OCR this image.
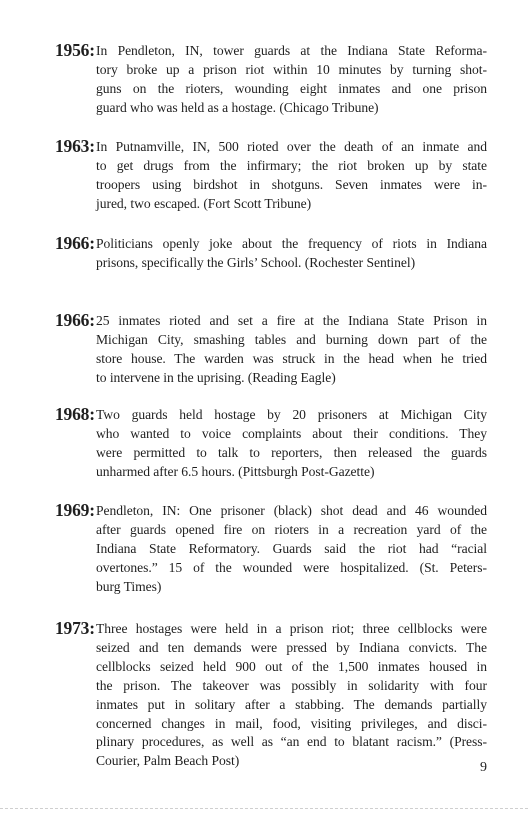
1956: In Pendleton, IN, tower guards at the Indiana State Reforma-
tory broke up a prison riot within 10 minutes by turning shot-
guns on the rioters, wounding eight inmates and one prison
guard who was held as a hostage. (Chicago Tribune)
1963: In Putnamville, IN, 500 rioted over the death of an inmate and
to get drugs from the infirmary; the riot broken up by state
troopers using birdshot in shotguns. Seven inmates were in-
jured, two escaped. (Fort Scott Tribune)
1966: Politicians openly joke about the frequency of riots in Indiana
prisons, specifically the Girls’ School. (Rochester Sentinel)
1966: 25 inmates rioted and set a fire at the Indiana State Prison in
Michigan City, smashing tables and burning down part of the
store house. The warden was struck in the head when he tried
to intervene in the uprising. (Reading Eagle)
1968: Two guards held hostage by 20 prisoners at Michigan City
who wanted to voice complaints about their conditions. They
were permitted to talk to reporters, then released the guards
unharmed after 6.5 hours. (Pittsburgh Post-Gazette)
1969: Pendleton, IN: One prisoner (black) shot dead and 46 wounded
after guards opened fire on rioters in a recreation yard of the
Indiana State Reformatory. Guards said the riot had “racial
overtones.” 15 of the wounded were hospitalized. (St. Peters-
burg Times)
1973: Three hostages were held in a prison riot; three cellblocks were
seized and ten demands were pressed by Indiana convicts. The
cellblocks seized held 900 out of the 1,500 inmates housed in
the prison. The takeover was possibly in solidarity with four
inmates put in solitary after a stabbing. The demands partially
concerned changes in mail, food, visiting privileges, and disci-
plinary procedures, as well as “an end to blatant racism.” (Press-
Courier, Palm Beach Post)	9
